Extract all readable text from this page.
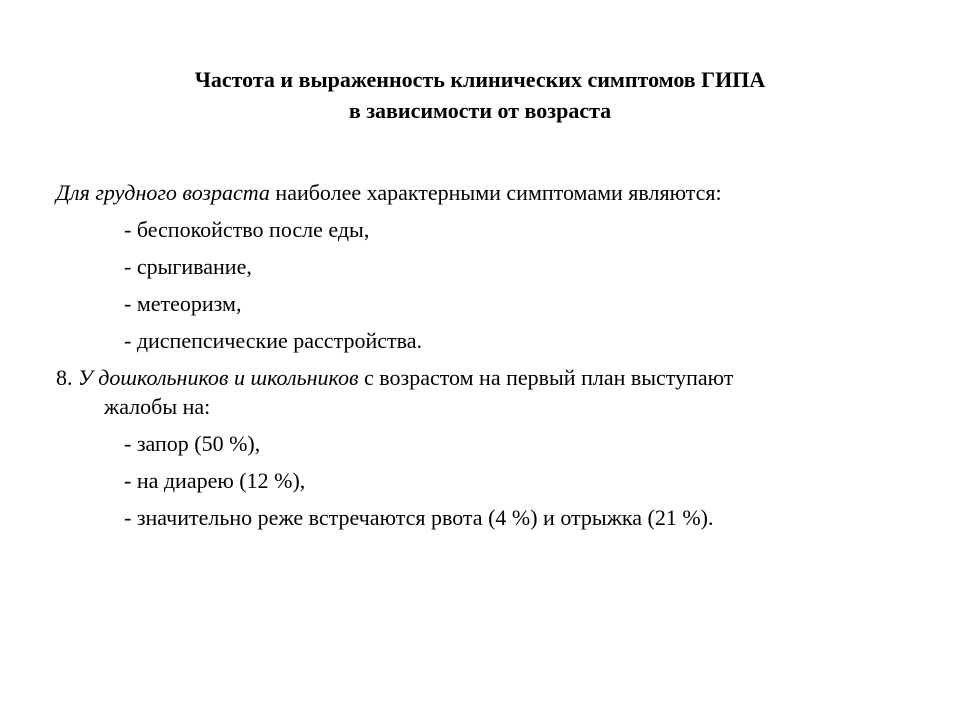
Частота и выраженность клинических симптомов ГИПА
в зависимости от возраста
Для грудного возраста наиболее характерными симптомами являются:
- беспокойство после еды,
- срыгивание,
- метеоризм,
- диспепсические расстройства.
8. У дошкольников и школьников с возрастом на первый план выступают
жалобы на:
- запор (50 %),
- на диарею (12 %),
- значительно реже встречаются рвота (4 %) и отрыжка (21 %).
